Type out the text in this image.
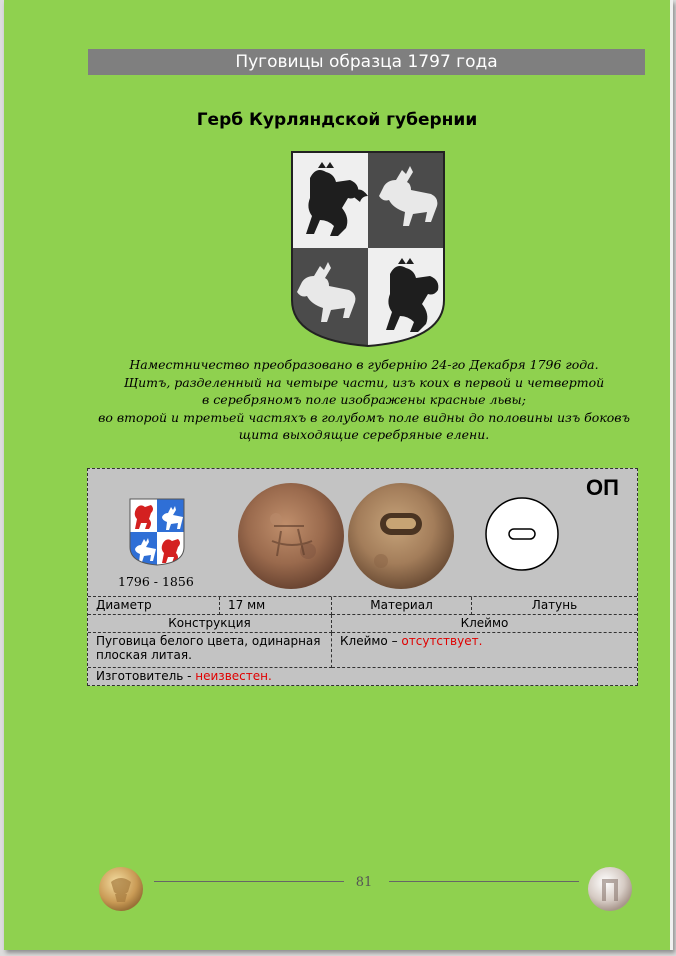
Пуговицы образца 1797 года
Герб Курляндской губернии
Наместничество преобразовано в губернiю 24-го Декабря 1796 года.
Щитъ, разделенный на четыре части, изъ коих в первой и четвертой
в серебряномъ поле изображены красные львы;
во второй и третьей частяхъ в голубомъ поле видны до половины изъ боковъ
щита выходящие серебряные елени.
1796 - 1856
ОП
Диаметр	17 мм	Материал	Латунь
Конструкция		Клеймо	
Пуговица белого цвета, одинарная плоская литая.		Клеймо – отсутствует.	
Изготовитель - неизвестен.			
81
